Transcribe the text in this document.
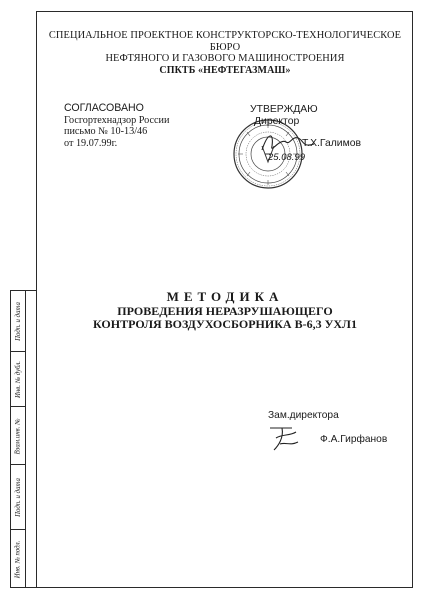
СПЕЦИАЛЬНОЕ ПРОЕКТНОЕ КОНСТРУКТОРСКО-ТЕХНОЛОГИЧЕСКОЕ БЮРО
НЕФТЯНОГО И ГАЗОВОГО МАШИНОСТРОЕНИЯ
СПКТБ «НЕФТЕГАЗМАШ»
СОГЛАСОВАНО
Госгортехнадзор России
письмо № 10-13/46
от 19.07.99г.
УТВЕРЖДАЮ
Директор
Т.Х.Галимов
25.08.99
МЕТОДИКА
ПРОВЕДЕНИЯ НЕРАЗРУШАЮЩЕГО
КОНТРОЛЯ ВОЗДУХОСБОРНИКА В-6,3 УХЛ1
Зам.директора
Ф.А.Гирфанов
Подп. и дата
Инв. № дубл.
Взам.инв. №
Подп. и дата
Инв. № подл.
